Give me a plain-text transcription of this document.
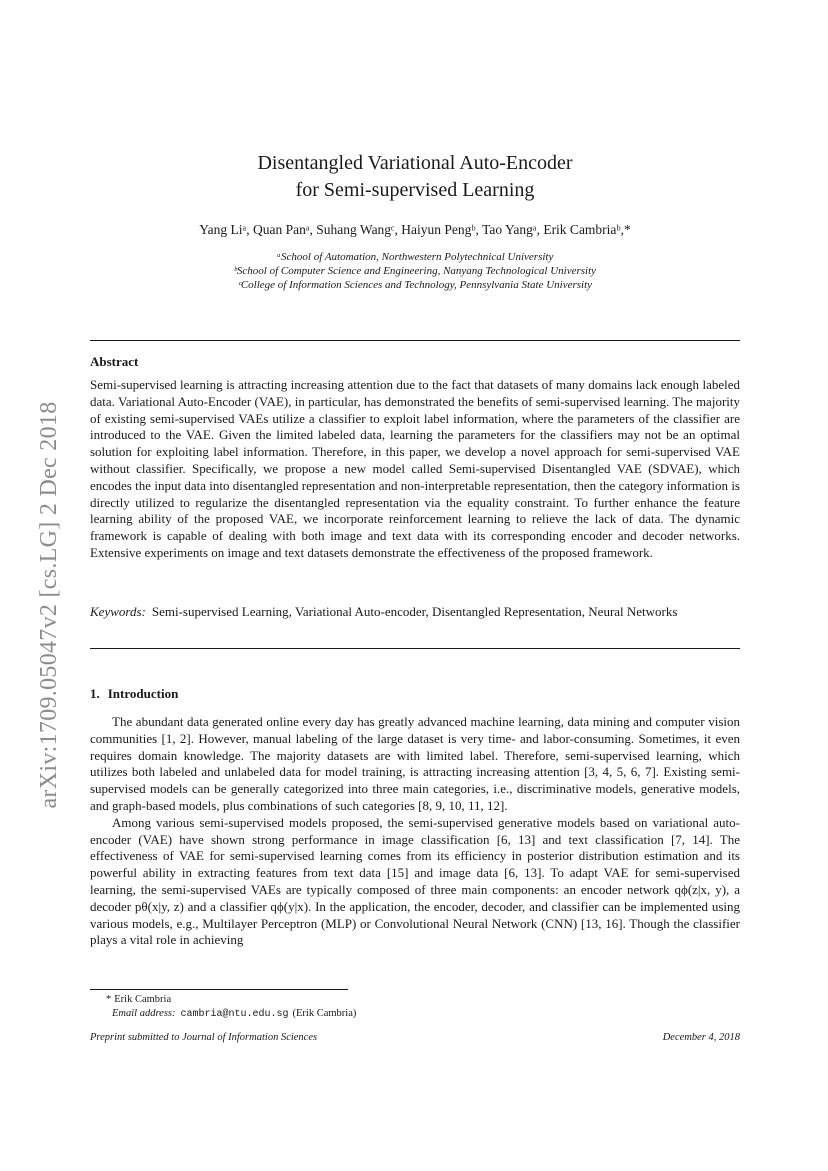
arXiv:1709.05047v2 [cs.LG] 2 Dec 2018
Disentangled Variational Auto-Encoder
for Semi-supervised Learning
Yang Liᵃ, Quan Panᵃ, Suhang Wangᶜ, Haiyun Pengᵇ, Tao Yangᵃ, Erik Cambriaᵇ,*
ᵃSchool of Automation, Northwestern Polytechnical University
ᵇSchool of Computer Science and Engineering, Nanyang Technological University
ᶜCollege of Information Sciences and Technology, Pennsylvania State University
Abstract
Semi-supervised learning is attracting increasing attention due to the fact that datasets of many domains lack enough labeled data. Variational Auto-Encoder (VAE), in particular, has demonstrated the benefits of semi-supervised learning. The majority of existing semi-supervised VAEs utilize a classifier to exploit label information, where the parameters of the classifier are introduced to the VAE. Given the limited labeled data, learning the parameters for the classifiers may not be an optimal solution for exploiting label information. Therefore, in this paper, we develop a novel approach for semi-supervised VAE without classifier. Specifically, we propose a new model called Semi-supervised Disentangled VAE (SDVAE), which encodes the input data into disentangled representation and non-interpretable representation, then the category information is directly utilized to regularize the disentangled representation via the equality constraint. To further enhance the feature learning ability of the proposed VAE, we incorporate reinforcement learning to relieve the lack of data. The dynamic framework is capable of dealing with both image and text data with its corresponding encoder and decoder networks. Extensive experiments on image and text datasets demonstrate the effectiveness of the proposed framework.
Keywords: Semi-supervised Learning, Variational Auto-encoder, Disentangled Representation, Neural Networks
1. Introduction

The abundant data generated online every day has greatly advanced machine learning, data mining and computer vision communities [1, 2]. However, manual labeling of the large dataset is very time- and labor-consuming. Sometimes, it even requires domain knowledge. The majority datasets are with limited label. Therefore, semi-supervised learning, which utilizes both labeled and unlabeled data for model training, is attracting increasing attention [3, 4, 5, 6, 7]. Existing semi-supervised models can be generally categorized into three main categories, i.e., discriminative models, generative models, and graph-based models, plus combinations of such categories [8, 9, 10, 11, 12].

Among various semi-supervised models proposed, the semi-supervised generative models based on variational auto-encoder (VAE) have shown strong performance in image classification [6, 13] and text classification [7, 14]. The effectiveness of VAE for semi-supervised learning comes from its efficiency in posterior distribution estimation and its powerful ability in extracting features from text data [15] and image data [6, 13]. To adapt VAE for semi-supervised learning, the semi-supervised VAEs are typically composed of three main components: an encoder network qϕ(z|x, y), a decoder pθ(x|y, z) and a classifier qϕ(y|x). In the application, the encoder, decoder, and classifier can be implemented using various models, e.g., Multilayer Perceptron (MLP) or Convolutional Neural Network (CNN) [13, 16]. Though the classifier plays a vital role in achieving

* Erik Cambria
Email address: cambria@ntu.edu.sg (Erik Cambria)
Preprint submitted to Journal of Information Sciences	December 4, 2018
